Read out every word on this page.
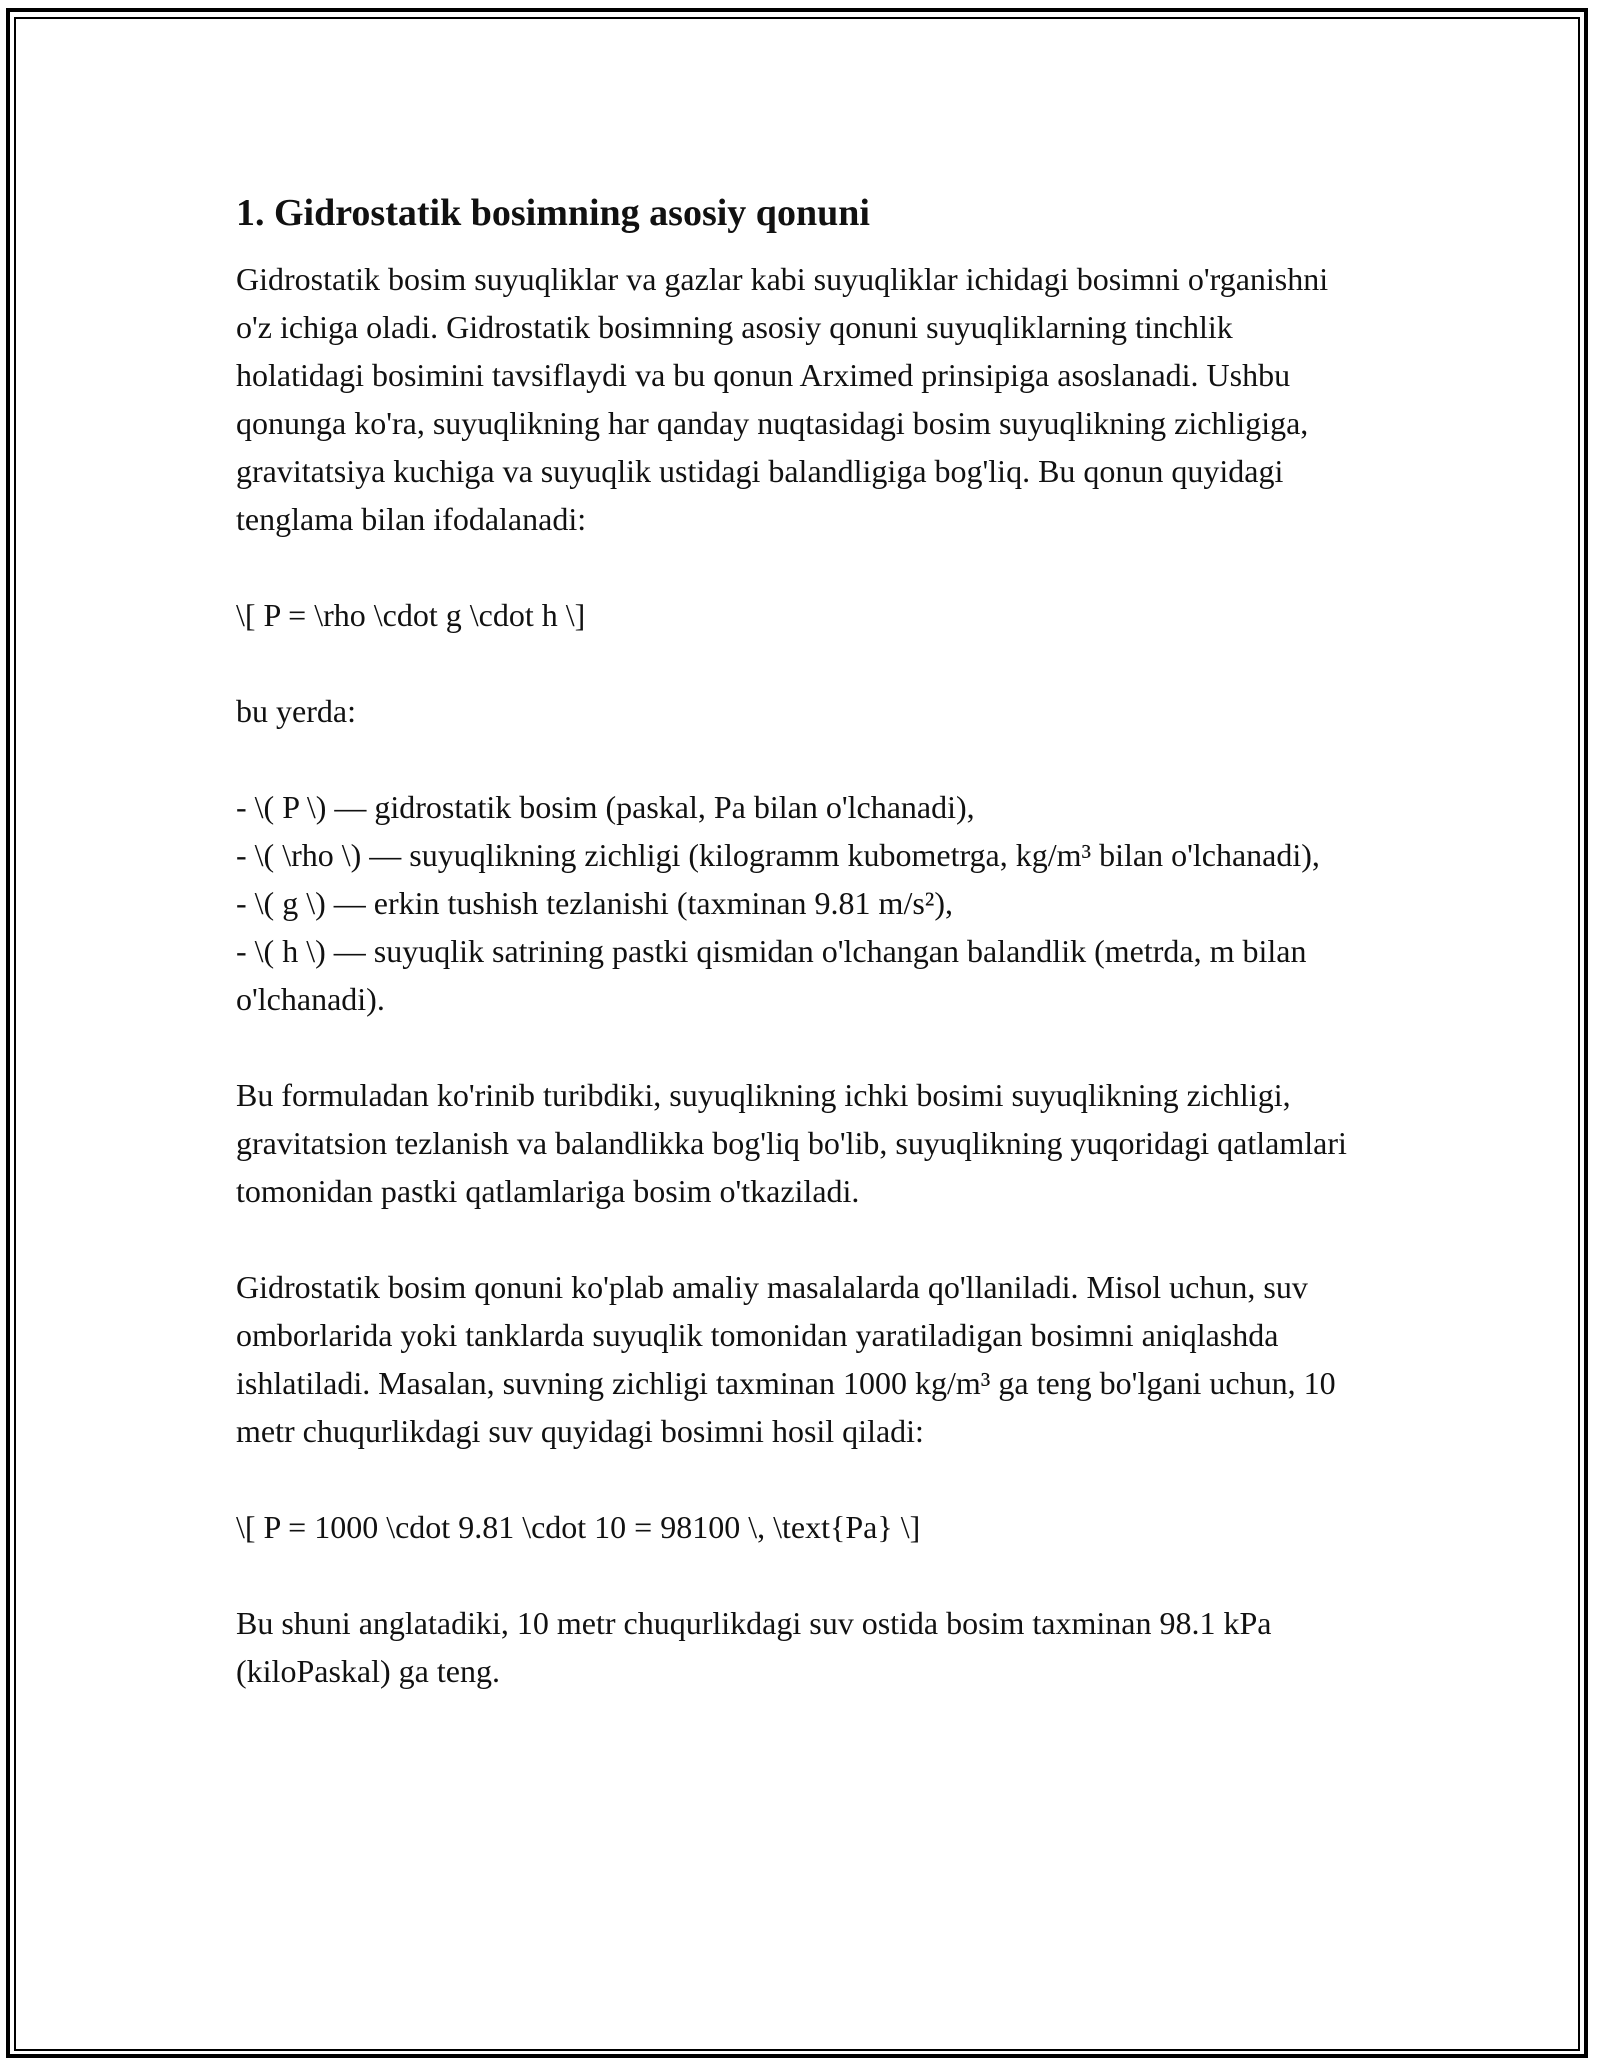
1. Gidrostatik bosimning asosiy qonuni

Gidrostatik bosim suyuqliklar va gazlar kabi suyuqliklar ichidagi bosimni o'rganishni o'z ichiga oladi. Gidrostatik bosimning asosiy qonuni suyuqliklarning tinchlik holatidagi bosimini tavsiflaydi va bu qonun Arximed prinsipiga asoslanadi. Ushbu qonunga ko'ra, suyuqlikning har qanday nuqtasidagi bosim suyuqlikning zichligiga, gravitatsiya kuchiga va suyuqlik ustidagi balandligiga bog'liq. Bu qonun quyidagi tenglama bilan ifodalanadi:

\[ P = \rho \cdot g \cdot h \]

bu yerda:

- \( P \) — gidrostatik bosim (paskal, Pa bilan o'lchanadi),

- \( \rho \) — suyuqlikning zichligi (kilogramm kubometrga, kg/m³ bilan o'lchanadi),

- \( g \) — erkin tushish tezlanishi (taxminan 9.81 m/s²),

- \( h \) — suyuqlik satrining pastki qismidan o'lchangan balandlik (metrda, m bilan o'lchanadi).

Bu formuladan ko'rinib turibdiki, suyuqlikning ichki bosimi suyuqlikning zichligi, gravitatsion tezlanish va balandlikka bog'liq bo'lib, suyuqlikning yuqoridagi qatlamlari tomonidan pastki qatlamlariga bosim o'tkaziladi.

Gidrostatik bosim qonuni ko'plab amaliy masalalarda qo'llaniladi. Misol uchun, suv omborlarida yoki tanklarda suyuqlik tomonidan yaratiladigan bosimni aniqlashda ishlatiladi. Masalan, suvning zichligi taxminan 1000 kg/m³ ga teng bo'lgani uchun, 10 metr chuqurlikdagi suv quyidagi bosimni hosil qiladi:

\[ P = 1000 \cdot 9.81 \cdot 10 = 98100 \, \text{Pa} \]

Bu shuni anglatadiki, 10 metr chuqurlikdagi suv ostida bosim taxminan 98.1 kPa (kiloPaskal) ga teng.
